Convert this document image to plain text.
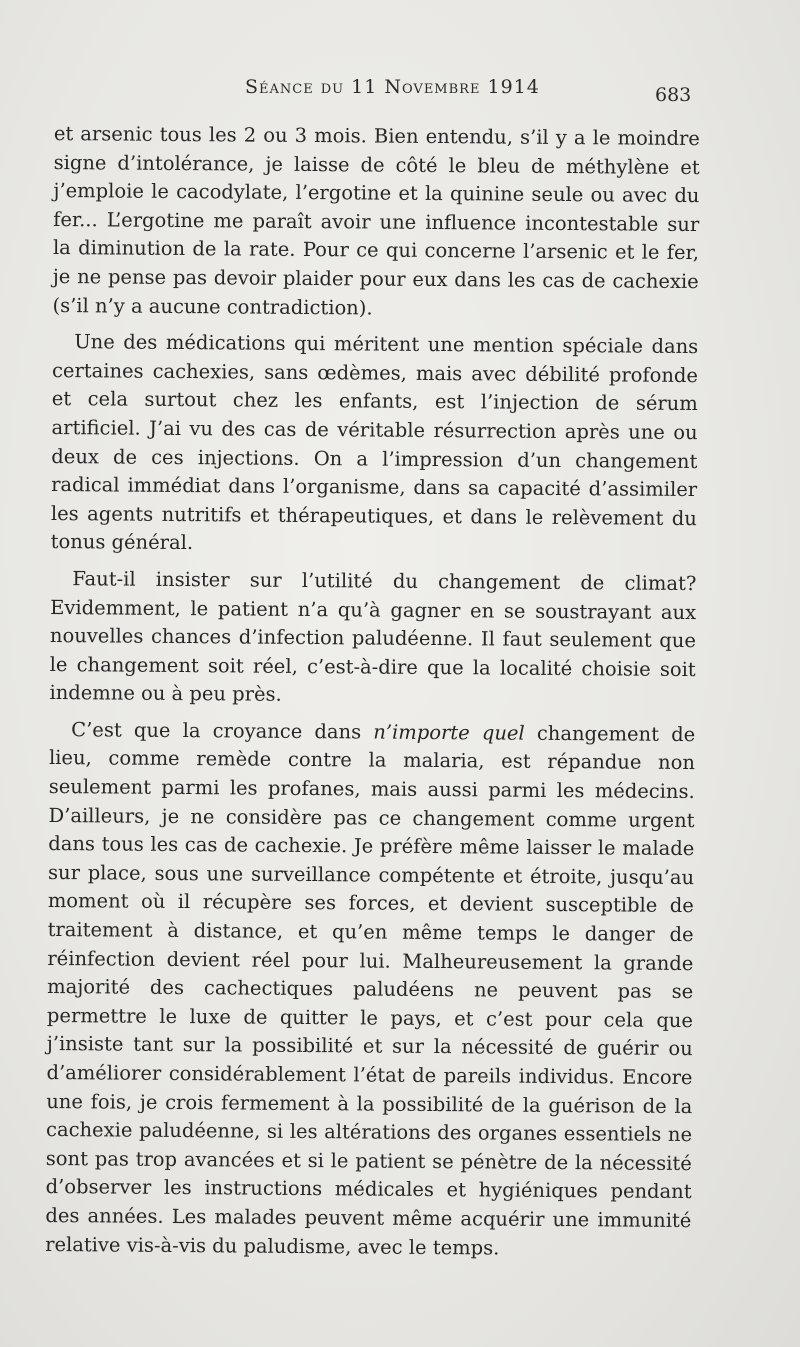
Séance du 11 Novembre 1914	683

et arsenic tous les 2 ou 3 mois. Bien entendu, s’il y a le moindre signe d’intolérance, je laisse de côté le bleu de méthylène et j’emploie le cacodylate, l’ergotine et la quinine seule ou avec du fer... L’ergotine me paraît avoir une influence incontestable sur la diminution de la rate. Pour ce qui concerne l’arsenic et le fer, je ne pense pas devoir plaider pour eux dans les cas de cachexie (s’il n’y a aucune contradiction).

Une des médications qui méritent une mention spéciale dans certaines cachexies, sans œdèmes, mais avec débilité profonde et cela surtout chez les enfants, est l’injection de sérum artificiel. J’ai vu des cas de véritable résurrection après une ou deux de ces injections. On a l’impression d’un changement radical immédiat dans l’organisme, dans sa capacité d’assimiler les agents nutritifs et thérapeutiques, et dans le relèvement du tonus général.

Faut-il insister sur l’utilité du changement de climat? Evidemment, le patient n’a qu’à gagner en se soustrayant aux nouvelles chances d’infection paludéenne. Il faut seulement que le changement soit réel, c’est-à-dire que la localité choisie soit indemne ou à peu près.

C’est que la croyance dans n’importe quel changement de lieu, comme remède contre la malaria, est répandue non seulement parmi les profanes, mais aussi parmi les médecins. D’ailleurs, je ne considère pas ce changement comme urgent dans tous les cas de cachexie. Je préfère même laisser le malade sur place, sous une surveillance compétente et étroite, jusqu’au moment où il récupère ses forces, et devient susceptible de traitement à distance, et qu’en même temps le danger de réinfection devient réel pour lui. Malheureusement la grande majorité des cachectiques paludéens ne peuvent pas se permettre le luxe de quitter le pays, et c’est pour cela que j’insiste tant sur la possibilité et sur la nécessité de guérir ou d’améliorer considérablement l’état de pareils individus. Encore une fois, je crois fermement à la possibilité de la guérison de la cachexie paludéenne, si les altérations des organes essentiels ne sont pas trop avancées et si le patient se pénètre de la nécessité d’observer les instructions médicales et hygiéniques pendant des années. Les malades peuvent même acquérir une immunité relative vis-à-vis du paludisme, avec le temps.
